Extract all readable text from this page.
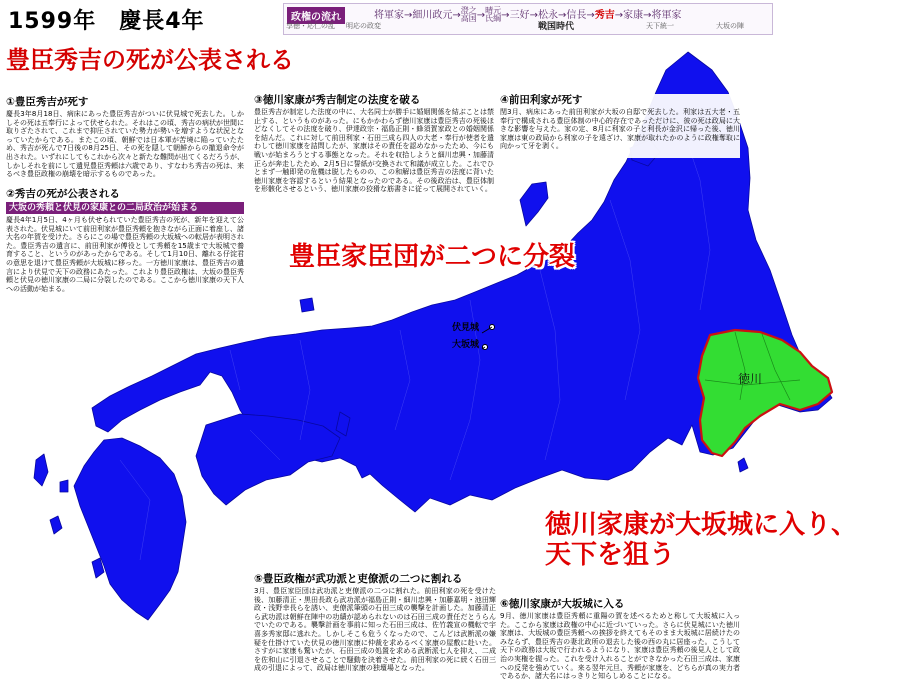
伏見城
大坂城
徳川
1599年　 慶長4年	政権の流れ	将軍家→細川政元→澄之
高国→晴元
氏綱→三好→松永→信長→秀吉→家康→将軍家
享徳・応仁の乱 明応の政変	天下統一	大坂の陣
戦国時代
豊臣秀吉の死が公表される
①豊臣秀吉が死す

慶長3年8月18日、病床にあった豊臣秀吉がついに伏見城で死去した。しかしその死は五奉行によって伏せられた。それはこの頃、秀吉の病状が世間に取りざたされて、これまで抑圧されていた勢力が勢いを増すような状況となっていたからである。またこの頃、朝鮮では日本軍が苦境に陥っていたため、秀吉が死んで7日後の8月25日、その死を隠して朝鮮からの撤退命令が出された。いずれにしてもこれから次々と新たな難問が出てくるだろうが、しかしそれを前にして遺児豊臣秀頼は六歳であり、すなわち秀吉の死は、来るべき豊臣政権の崩壊を暗示するものであった。

②秀吉の死が公表される
大坂の秀頼と伏見の家康との二局政治が始まる

慶長4年1月5日、4ヶ月も伏せられていた豊臣秀吉の死が、新年を迎えて公表された。伏見城にいて前田利家が豊臣秀頼を抱きながら正面に着座し、諸大名の年賀を受けた。さらにこの場で豊臣秀頼の大坂城への転居が表明された。豊臣秀吉の遺言に、前田利家が傅役として秀頼を15歳まで大坂城で養育すること、というのがあったからである。そして1月10日、離れる仔淀君の意思を退けて豊臣秀頼が大坂城に移った。一方徳川家康は、豊臣秀吉の遺言により伏見で天下の政務にあたった。これより豊臣政権は、大坂の豊臣秀頼と伏見の徳川家康の二局に分裂したのである。ここから徳川家康の天下人への活動が始まる。

③徳川家康が秀吉制定の法度を破る

豊臣秀吉が制定した法度の中に、大名同士が勝手に婚姻関係を結ぶことは禁止する、というものがあった。にもかかわらず徳川家康は豊臣秀吉の死後ほどなくしてその法度を破り、伊達政宗・福島正則・蜂須賀家政との婚姻関係を結んだ。これに対して前田利家・石田三成ら四人の大老・奉行が使者を遣わして徳川家康を詰問したが、家康はその責任を認めなかったため、今にも戦いが始まろうとする事態となった。それを収拾しようと細川忠興・加藤清正らが奔走したため、2月5日に誓紙が交換されて和議が成立した。これでひとまず一触即発の危機は脱したものの、この和解は豊臣秀吉の法度に背いた徳川家康を容認するという結果となったのである。その後政治は、豊臣体制を形骸化させるという、徳川家康の狡猾な筋書きに従って展開されていく。

④前田利家が死す

閏3月、病床にあった前田利家が大坂の自邸で死去した。利家は五大老・五奉行で構成される豊臣体制の中心的存在であっただけに、彼の死は政局に大きな影響を与えた。家の定、8月に利家の子と利長が金沢に帰った後、徳川家康は東の政局から利家の子を遠ざけ、家康が取れたかのように政権奪取に向かって牙を剥く。

⑤豊臣政権が武功派と吏僚派の二つに割れる

3月、豊臣家臣団は武功派と吏僚派の二つに割れた。前田利家の死を受けた後、加藤清正・黒田長政ら武功派が福島正則・細川忠興・加藤嘉明・池田輝政・浅野幸長らを誘い、吏僚派筆頭の石田三成の襲撃を計画した。加藤清正ら武功派は朝鮮在陣中の功績が認められないのは石田三成の責任だとうらんでいたのである。襲撃計画を事前に知った石田三成は、佐竹義宣の機転で宇喜多秀家邸に逃れた。しかしそこも危うくなったので、こんどは武断派の嫌疑を仕掛けていた伏見の徳川家康に仲裁を求めるべく家康の屋敷に赴いた。さすがに家康も驚いたが、石田三成の処置を求める武断派七人を抑え、二成を佐和山に引退させることで騒動を決着させた。前田利家の死に続く石田三成の引退によって、政局は徳川家康の独壇場となった。

⑥徳川家康が大坂城に入る

9月、徳川家康は豊臣秀頼に重陽の賀を述べるためと称して大坂城に入った。ここから家康は政権の中心に近づいていった。さらに伏見城にいた徳川家康は、大坂城の豊臣秀頼への挨拶を終えてもそのまま大坂城に居続けたのみならず、豊臣秀吉の妻北政所の退去した後の西の丸に居座った。こうして天下の政務は大坂で行われるようになり、家康は豊臣秀頼の後見人として政治の実権を握った。これを受け入れることができなかった石田三成は、家康への反発を強めていく。来る翌年元旦、秀頼が家康を、どちらが真の実力者であるか、諸大名にはっきりと知らしめることになる。

豊臣家臣団が二つに分裂
徳川家康が大坂城に入り、
天下を狙う
